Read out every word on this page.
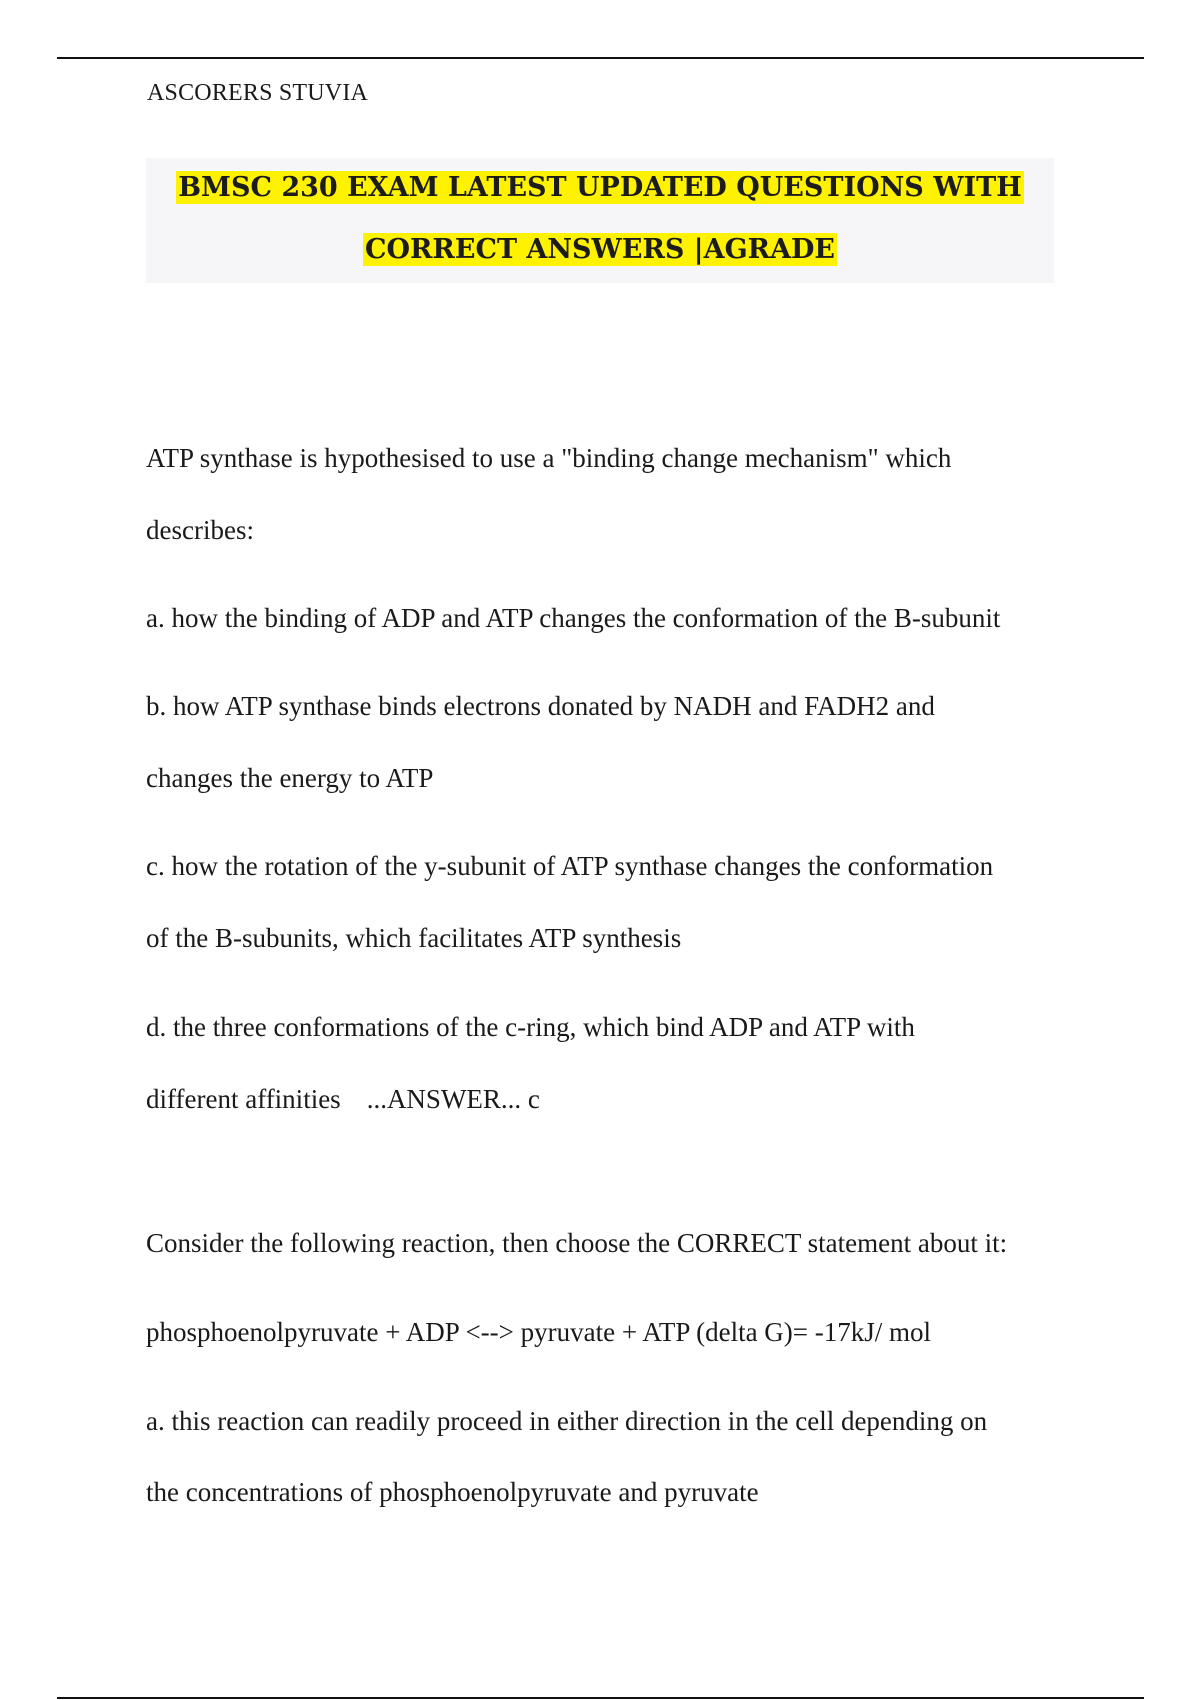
ASCORERS STUVIA
BMSC 230 EXAM LATEST UPDATED QUESTIONS WITH
CORRECT ANSWERS |AGRADE
ATP synthase is hypothesised to use a "binding change mechanism" which
describes:
a. how the binding of ADP and ATP changes the conformation of the B-subunit
b. how ATP synthase binds electrons donated by NADH and FADH2 and
changes the energy to ATP
c. how the rotation of the y-subunit of ATP synthase changes the conformation
of the B-subunits, which facilitates ATP synthesis
d. the three conformations of the c-ring, which bind ADP and ATP with
different affinities ...ANSWER... c
Consider the following reaction, then choose the CORRECT statement about it:
phosphoenolpyruvate + ADP <--> pyruvate + ATP (delta G)= -17kJ/ mol
a. this reaction can readily proceed in either direction in the cell depending on
the concentrations of phosphoenolpyruvate and pyruvate
